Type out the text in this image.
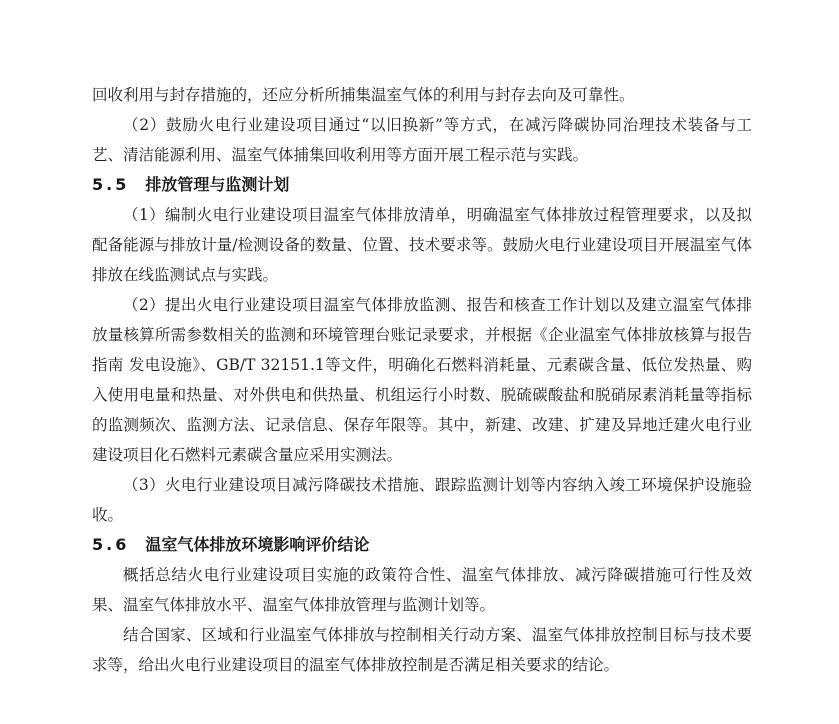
回收利用与封存措施的，还应分析所捕集温室气体的利用与封存去向及可靠性。

（2）鼓励火电行业建设项目通过“以旧换新”等方式，在减污降碳协同治理技术装备与工艺、清洁能源利用、温室气体捕集回收利用等方面开展工程示范与实践。

5.5 排放管理与监测计划

（1）编制火电行业建设项目温室气体排放清单，明确温室气体排放过程管理要求，以及拟配备能源与排放计量/检测设备的数量、位置、技术要求等。鼓励火电行业建设项目开展温室气体排放在线监测试点与实践。

（2）提出火电行业建设项目温室气体排放监测、报告和核查工作计划以及建立温室气体排放量核算所需参数相关的监测和环境管理台账记录要求，并根据《企业温室气体排放核算与报告指南 发电设施》、GB/T 32151.1等文件，明确化石燃料消耗量、元素碳含量、低位发热量、购入使用电量和热量、对外供电和供热量、机组运行小时数、脱硫碳酸盐和脱硝尿素消耗量等指标的监测频次、监测方法、记录信息、保存年限等。其中，新建、改建、扩建及异地迁建火电行业建设项目化石燃料元素碳含量应采用实测法。

（3）火电行业建设项目减污降碳技术措施、跟踪监测计划等内容纳入竣工环境保护设施验收。

5.6 温室气体排放环境影响评价结论

概括总结火电行业建设项目实施的政策符合性、温室气体排放、减污降碳措施可行性及效果、温室气体排放水平、温室气体排放管理与监测计划等。

结合国家、区域和行业温室气体排放与控制相关行动方案、温室气体排放控制目标与技术要求等，给出火电行业建设项目的温室气体排放控制是否满足相关要求的结论。
